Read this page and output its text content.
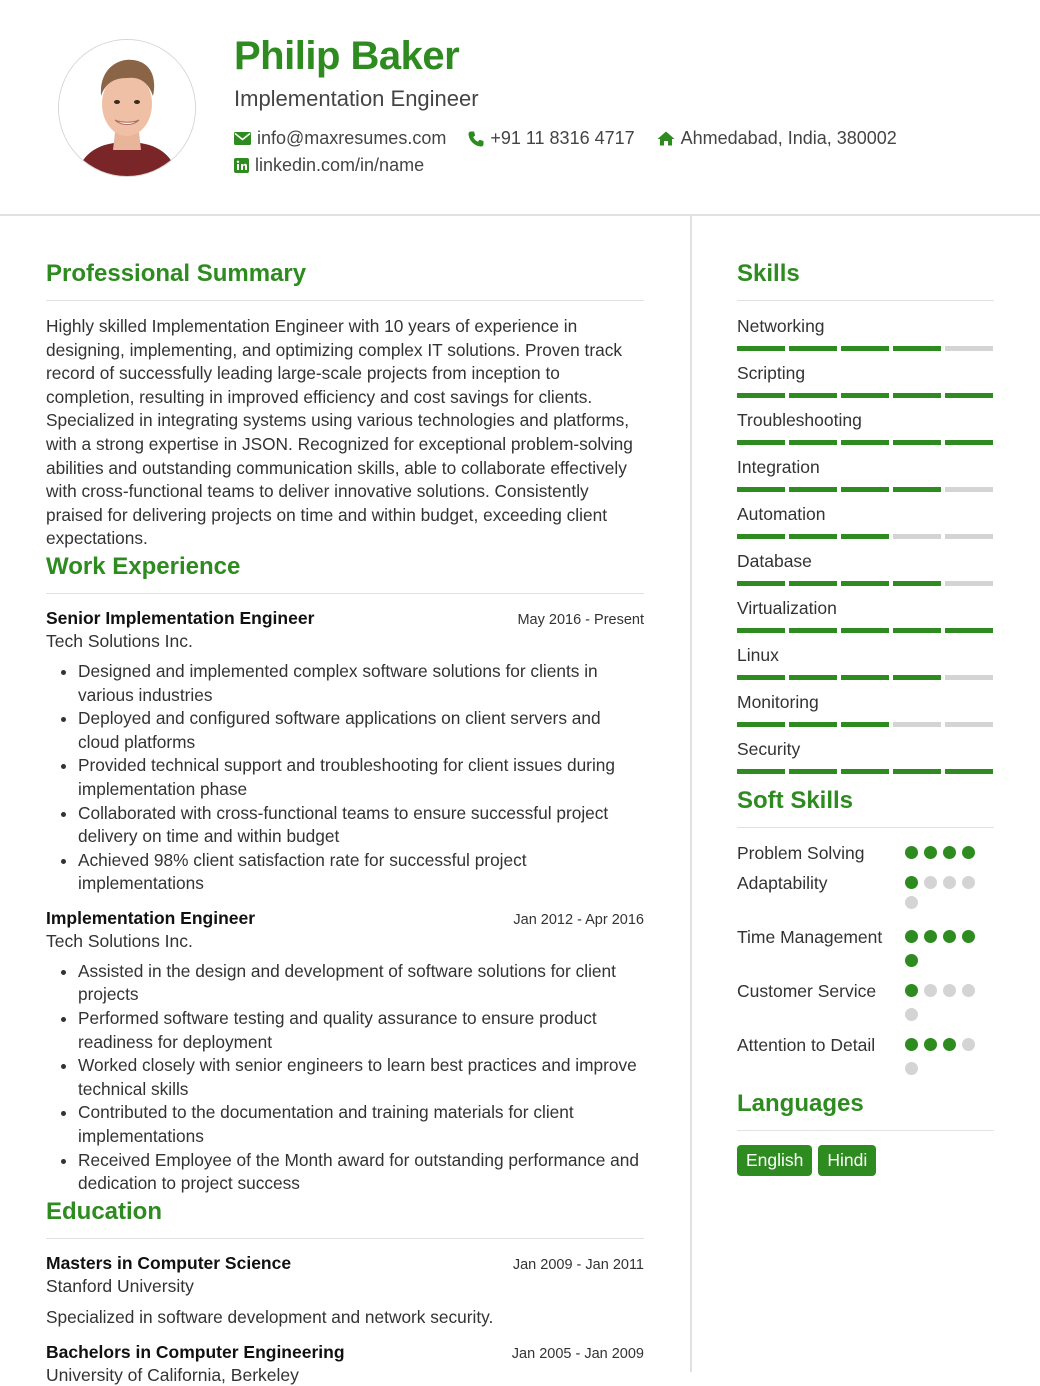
Philip Baker
Implementation Engineer
info@maxresumes.com +91 11 8316 4717	Ahmedabad, India, 380002
linkedin.com/in/name
Professional Summary

Highly skilled Implementation Engineer with 10 years of experience in designing, implementing, and optimizing complex IT solutions. Proven track record of successfully leading large-scale projects from inception to completion, resulting in improved efficiency and cost savings for clients. Specialized in integrating systems using various technologies and platforms, with a strong expertise in JSON. Recognized for exceptional problem-solving abilities and outstanding communication skills, able to collaborate effectively with cross-functional teams to deliver innovative solutions. Consistently praised for delivering projects on time and within budget, exceeding client expectations.

Work Experience
Senior Implementation Engineer	May 2016 - Present
Tech Solutions Inc.
• Designed and implemented complex software solutions for clients in various industries
• Deployed and configured software applications on client servers and cloud platforms
• Provided technical support and troubleshooting for client issues during implementation phase
• Collaborated with cross-functional teams to ensure successful project delivery on time and within budget
• Achieved 98% client satisfaction rate for successful project implementations
Implementation Engineer	Jan 2012 - Apr 2016
Tech Solutions Inc.
• Assisted in the design and development of software solutions for client projects
• Performed software testing and quality assurance to ensure product readiness for deployment
• Worked closely with senior engineers to learn best practices and improve technical skills
• Contributed to the documentation and training materials for client implementations
• Received Employee of the Month award for outstanding performance and dedication to project success
Education
Masters in Computer Science	Jan 2009 - Jan 2011
Stanford University
Specialized in software development and network security.
Bachelors in Computer Engineering	Jan 2005 - Jan 2009
University of California, Berkeley
Skills
Networking
Scripting
Troubleshooting
Integration
Automation
Database
Virtualization
Linux
Monitoring
Security
Soft Skills
Problem Solving
Adaptability
Time Management
Customer Service
Attention to Detail
Languages
English	Hindi
